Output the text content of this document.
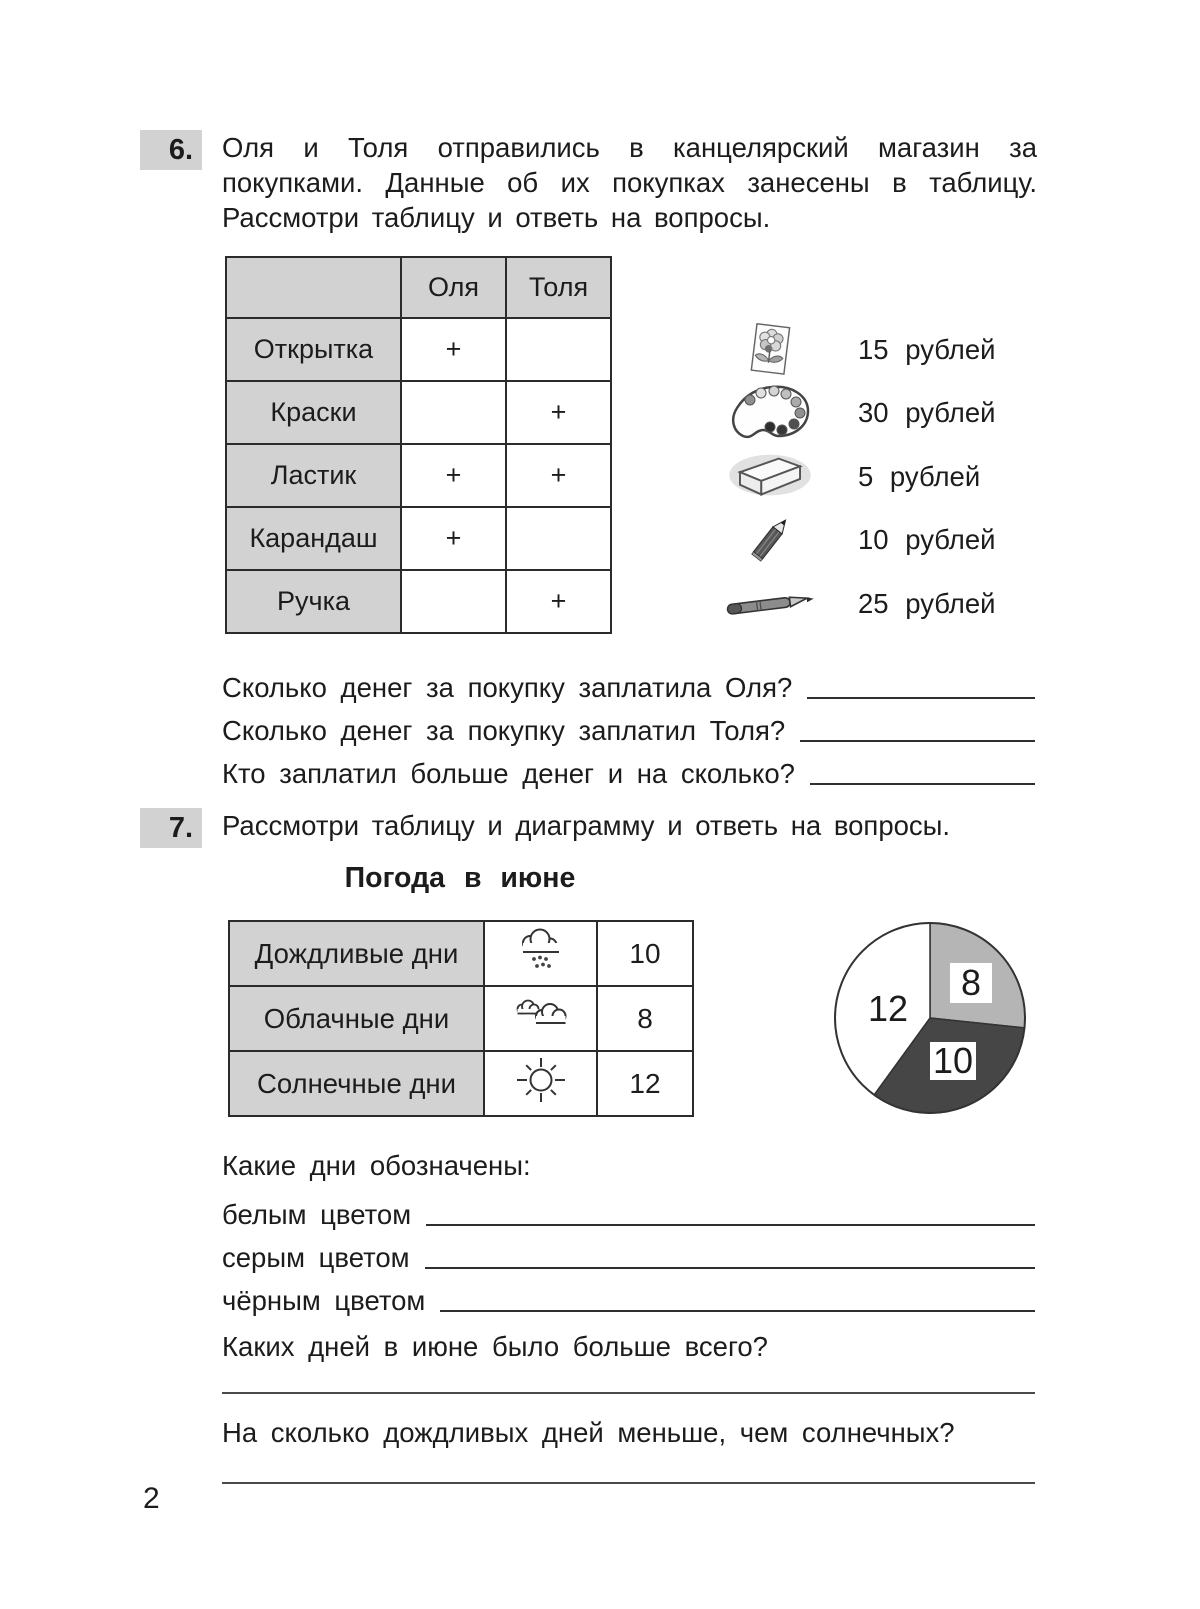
6.	Оля и Толя отправились в канцелярский магазин за покупками. Данные об их покупках занесены в таблицу. Рассмотри таблицу и ответь на вопросы.
	Оля	Толя
Открытка	+	
Краски		+
Ластик	+	+
Карандаш	+	
Ручка		+
15 рублей
30 рублей
5 рублей
10 рублей
25 рублей
Сколько денег за покупку заплатила Оля?
Сколько денег за покупку заплатил Толя?
Кто заплатил больше денег и на сколько?
7.	Рассмотри таблицу и диаграмму и ответь на вопросы.
Погода в июне
Дождливые дни		10
Облачные дни		8
Солнечные дни		12
12
8
10
Какие дни обозначены:
белым цветом
серым цветом
чёрным цветом
Каких дней в июне было больше всего?
На сколько дождливых дней меньше, чем солнечных?
2
